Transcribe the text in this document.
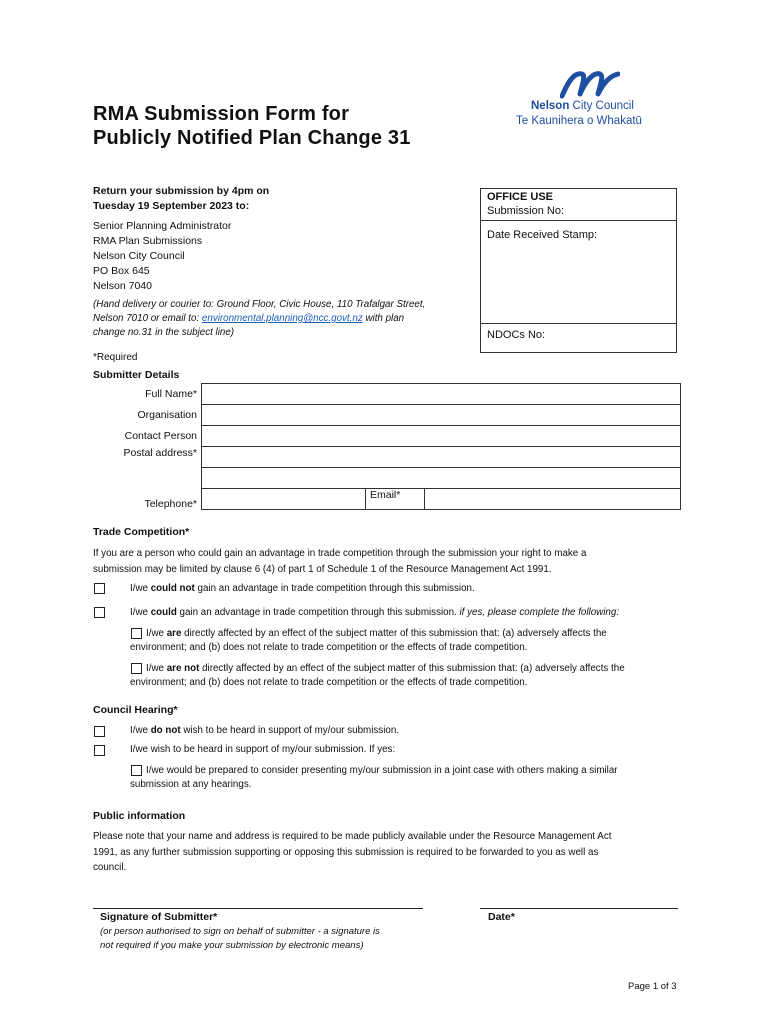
RMA Submission Form for
Publicly Notified Plan Change 31
Nelson City Council
Te Kaunihera o Whakatū
Return your submission by 4pm on
Tuesday 19 September 2023 to:
Senior Planning Administrator
RMA Plan Submissions
Nelson City Council
PO Box 645
Nelson 7040
(Hand delivery or courier to: Ground Floor, Civic House, 110 Trafalgar Street,
Nelson 7010 or email to: environmental.planning@ncc.govt.nz with plan
change no.31 in the subject line)
OFFICE USE
Submission No:
Date Received Stamp:
NDOCs No:
*Required
Submitter Details
Full Name*			
Organisation			
Contact Person			
Postal address*			

Telephone*		Email*	
Trade Competition*
If you are a person who could gain an advantage in trade competition through the submission your right to make a
submission may be limited by clause 6 (4) of part 1 of Schedule 1 of the Resource Management Act 1991.
I/we could not gain an advantage in trade competition through this submission.
I/we could gain an advantage in trade competition through this submission. if yes, please complete the following:
I/we are directly affected by an effect of the subject matter of this submission that: (a) adversely affects the
environment; and (b) does not relate to trade competition or the effects of trade competition.
I/we are not directly affected by an effect of the subject matter of this submission that: (a) adversely affects the
environment; and (b) does not relate to trade competition or the effects of trade competition.
Council Hearing*
I/we do not wish to be heard in support of my/our submission.
I/we wish to be heard in support of my/our submission. If yes:
I/we would be prepared to consider presenting my/our submission in a joint case with others making a similar
submission at any hearings.
Public information
Please note that your name and address is required to be made publicly available under the Resource Management Act
1991, as any further submission supporting or opposing this submission is required to be forwarded to you as well as
council.
Signature of Submitter*
(or person authorised to sign on behalf of submitter - a signature is
not required if you make your submission by electronic means)
Date*
Page 1 of 3
